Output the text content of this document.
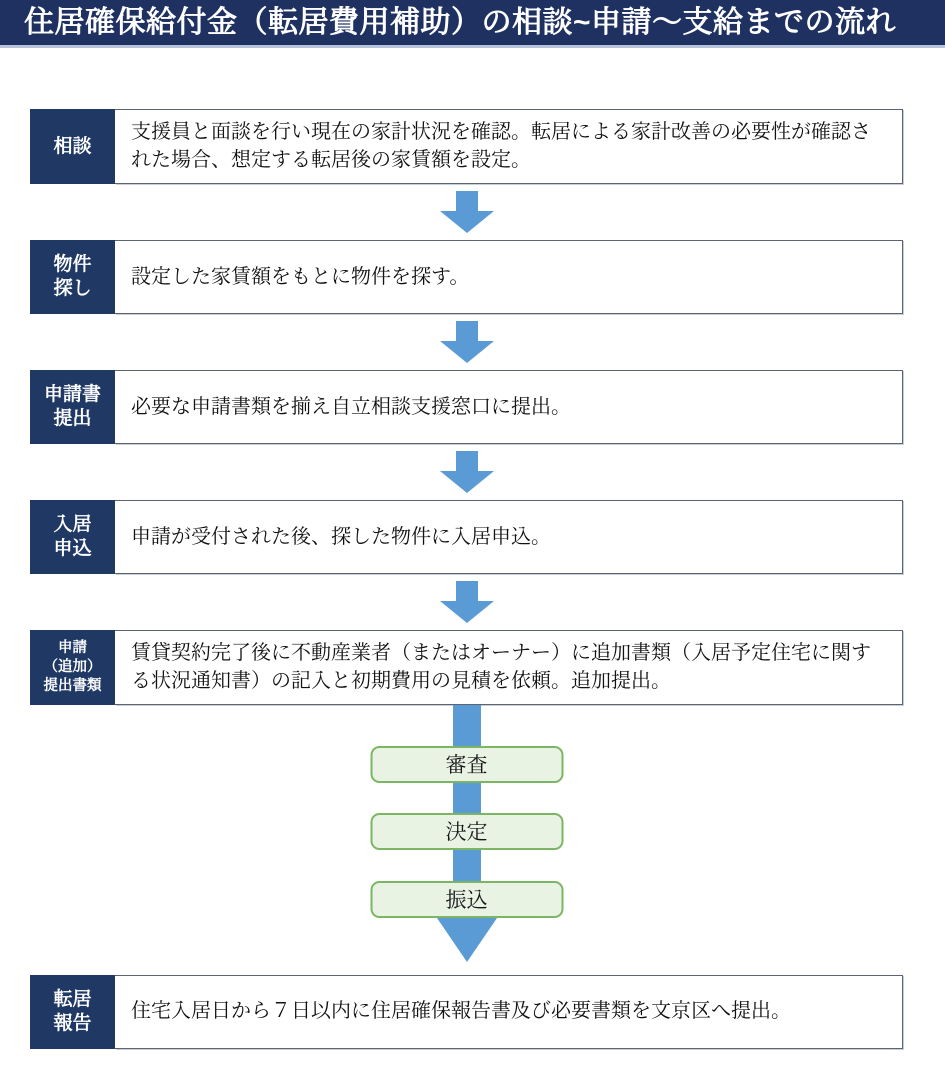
住居確保給付金（転居費用補助）の相談~申請～支給までの流れ
相談
支援員と面談を行い現在の家計状況を確認。転居による家計改善の必要性が確認された場合、想定する転居後の家賃額を設定。
物件
探し
設定した家賃額をもとに物件を探す。
申請書
提出
必要な申請書類を揃え自立相談支援窓口に提出。
入居
申込
申請が受付された後、探した物件に入居申込。
申請
（追加）
提出書類
賃貸契約完了後に不動産業者（またはオーナー）に追加書類（入居予定住宅に関する状況通知書）の記入と初期費用の見積を依頼。追加提出。
審査
決定
振込
転居
報告
住宅入居日から７日以内に住居確保報告書及び必要書類を文京区へ提出。
